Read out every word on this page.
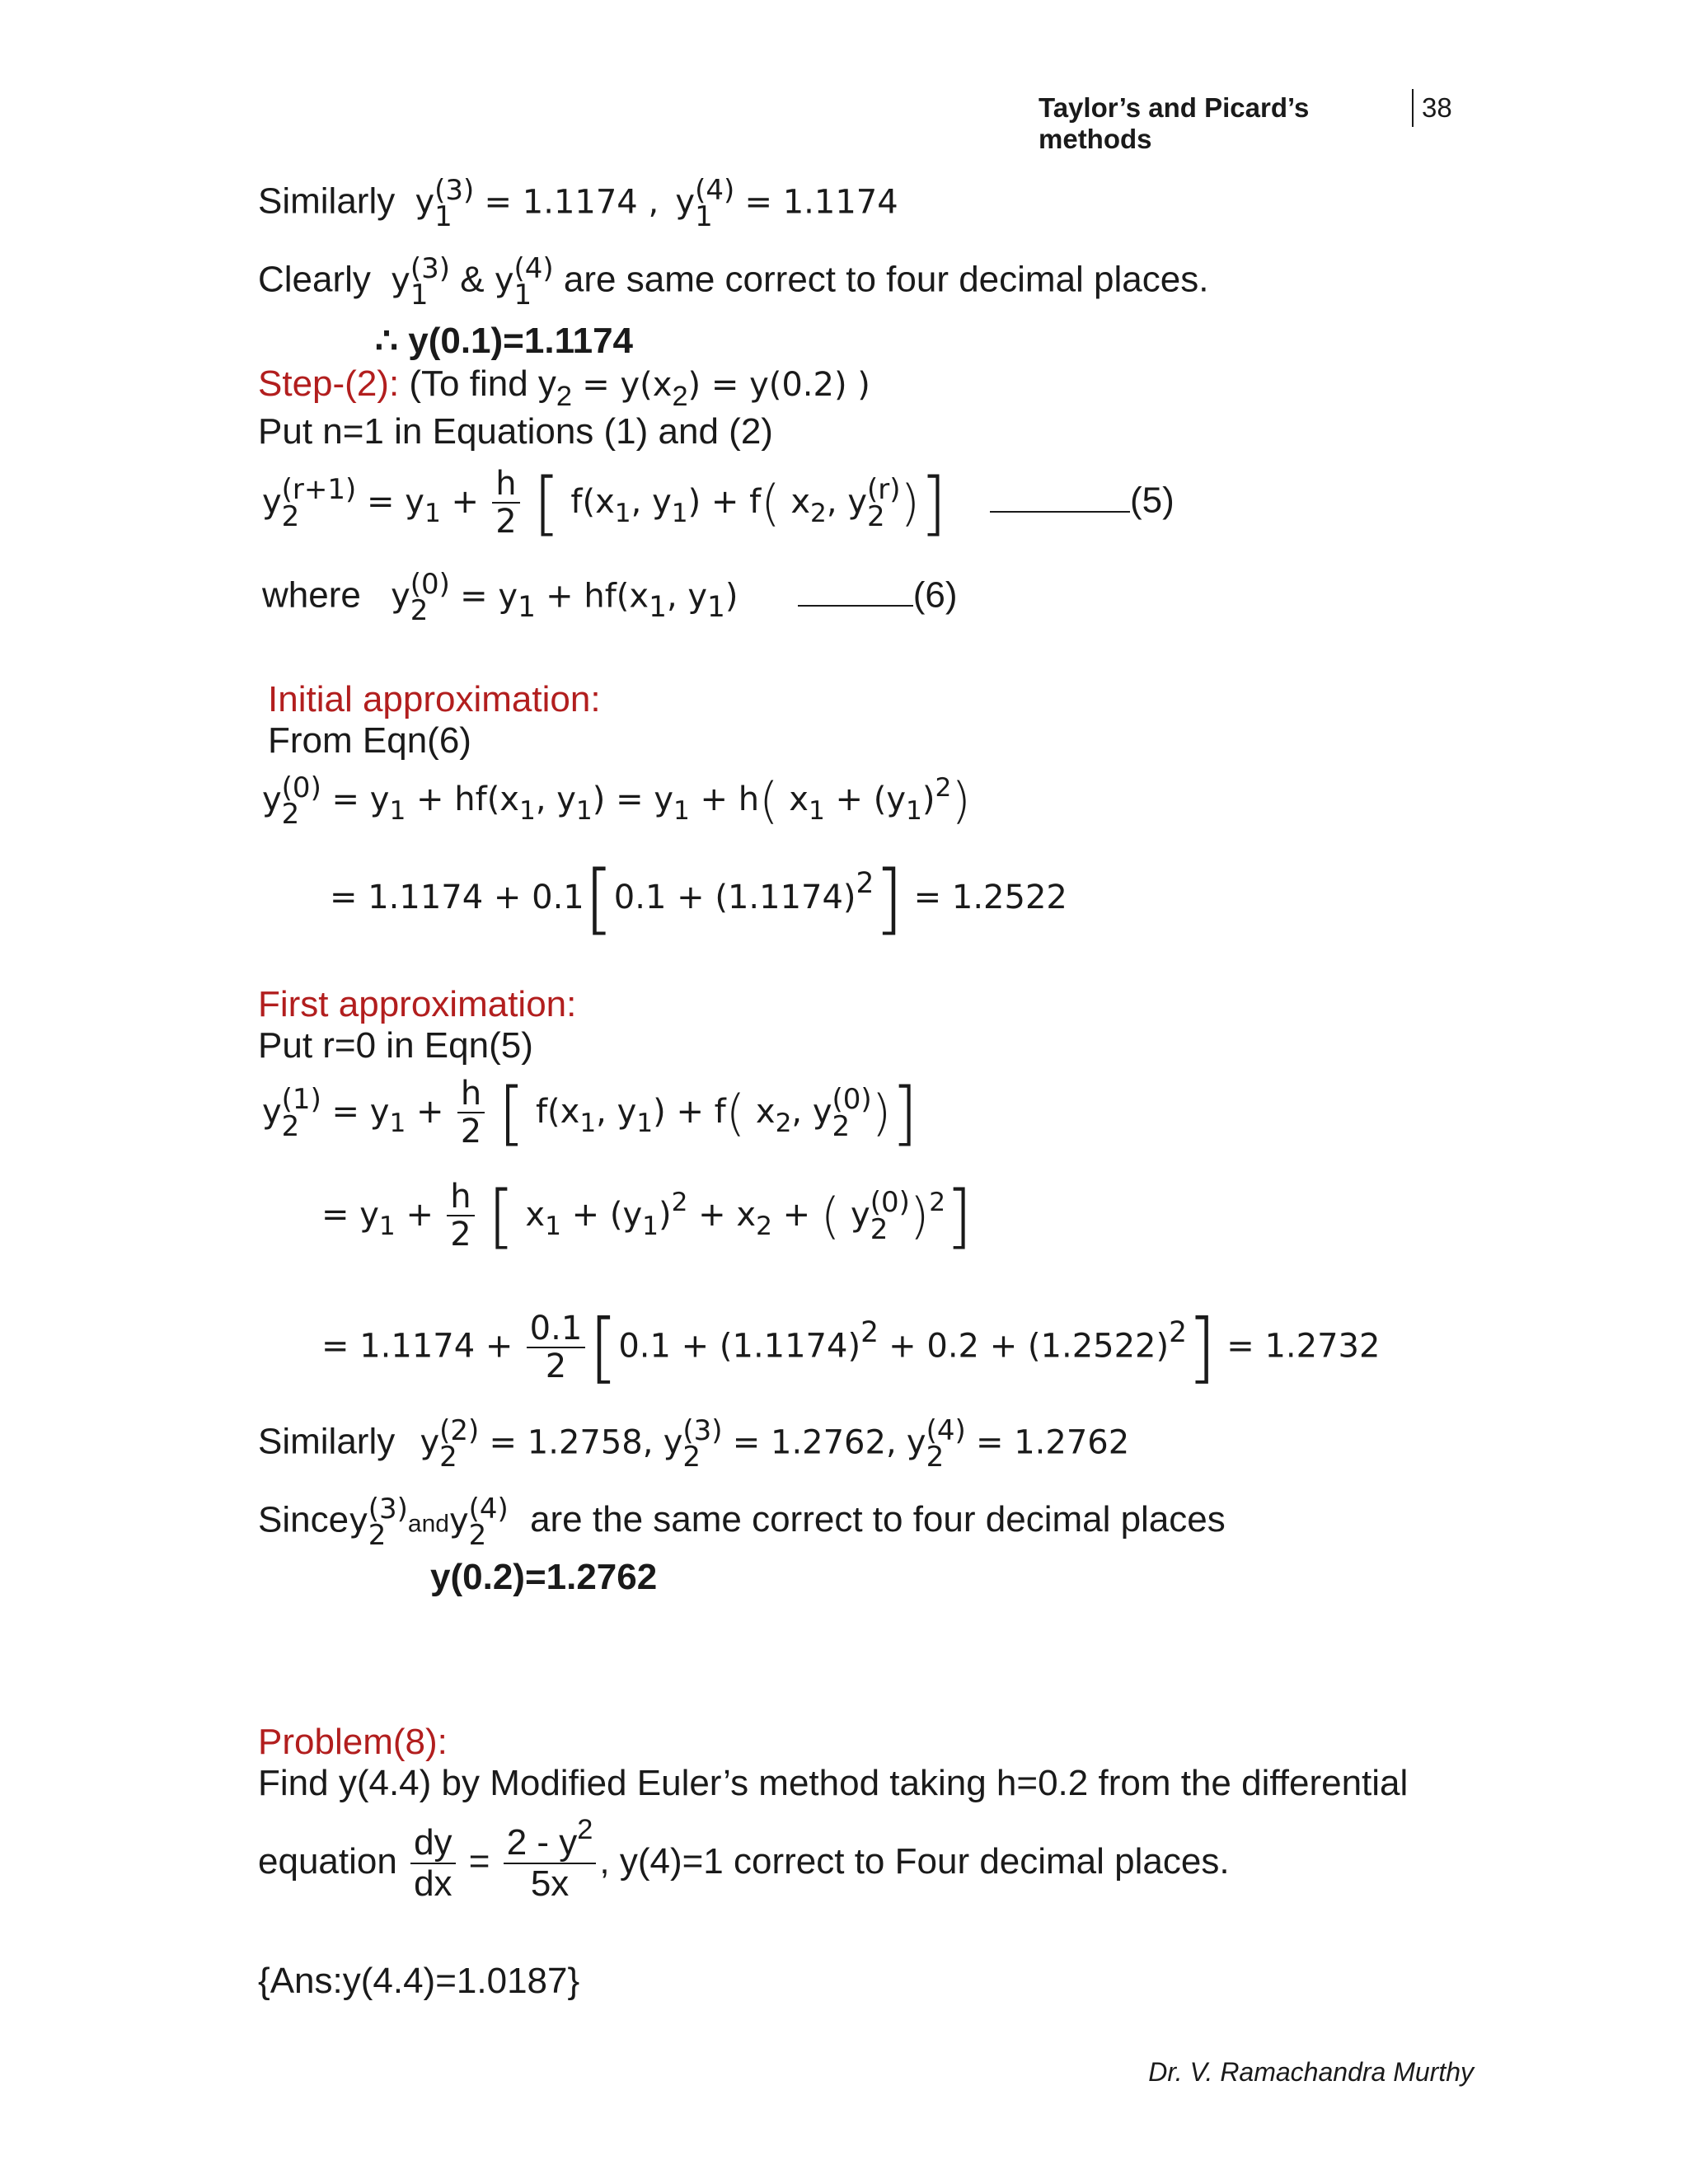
Taylor’s and Picard’s methods
38
Similarly y (3)
1 = 1.1174 , y (4)
1 = 1.1174
Clearly y (3)
1 & y (4)
1 are same correct to four decimal places.
∴ y(0.1)=1.1174
Step-(2): (To find $y_2 = y(x_2) = y(0.2)$ )
Put n=1 in Equations (1) and (2)
y (r+1)
2	= $y_1 + \frac{h}{2}$ [ $f(x_1$, $y_1) + f$( $x_2$, y (r)
2 )]	(5)
where y (0)
$2 = y_1 + hf(x_1$, $y_1$)	(6)
Initial approximation:
From Eqn(6)
y (0)
$2 = y_1 + hf(x_1$, $y_1) = y_1 + h$( $x_1 + (y_1)^2$)
= $1.1174 + 0.1[0.1 + (1.1174)^2] = 1.2522$
First approximation:
Put r=0 in Eqn(5)
y (1)
$2 = y_1 + \frac{h}{2}$ [ $f(x_1$, $y_1) + f$( $x_2$, y (0)
2 )]
= $y_1 + \frac{h}{2}$ [ $x_1 + (y_1)^2 + x_2$ + ( y (0)
2 )$^2$]
= $1.1174 + \frac{0.1}{2} [0.1 + (1.1174)^2 + 0.2 + (1.2522)^2] = 1.2732$
Similarly y (2)
2 = 1.2758, y (3)
2 = 1.2762, y (4)
2 = 1.2762
Sincey (3)
2 andy (4)
2	are the same correct to four decimal places
y(0.2)=1.2762
Problem(8):
Find y(4.4) by Modified Euler’s method taking h=0.2 from the differential
equation $\frac{dy}{dx} = \frac{2 - y^2}{5x}$ , y(4)=1 correct to Four decimal places.
{Ans:y(4.4)=1.0187}
Dr. V. Ramachandra Murthy
